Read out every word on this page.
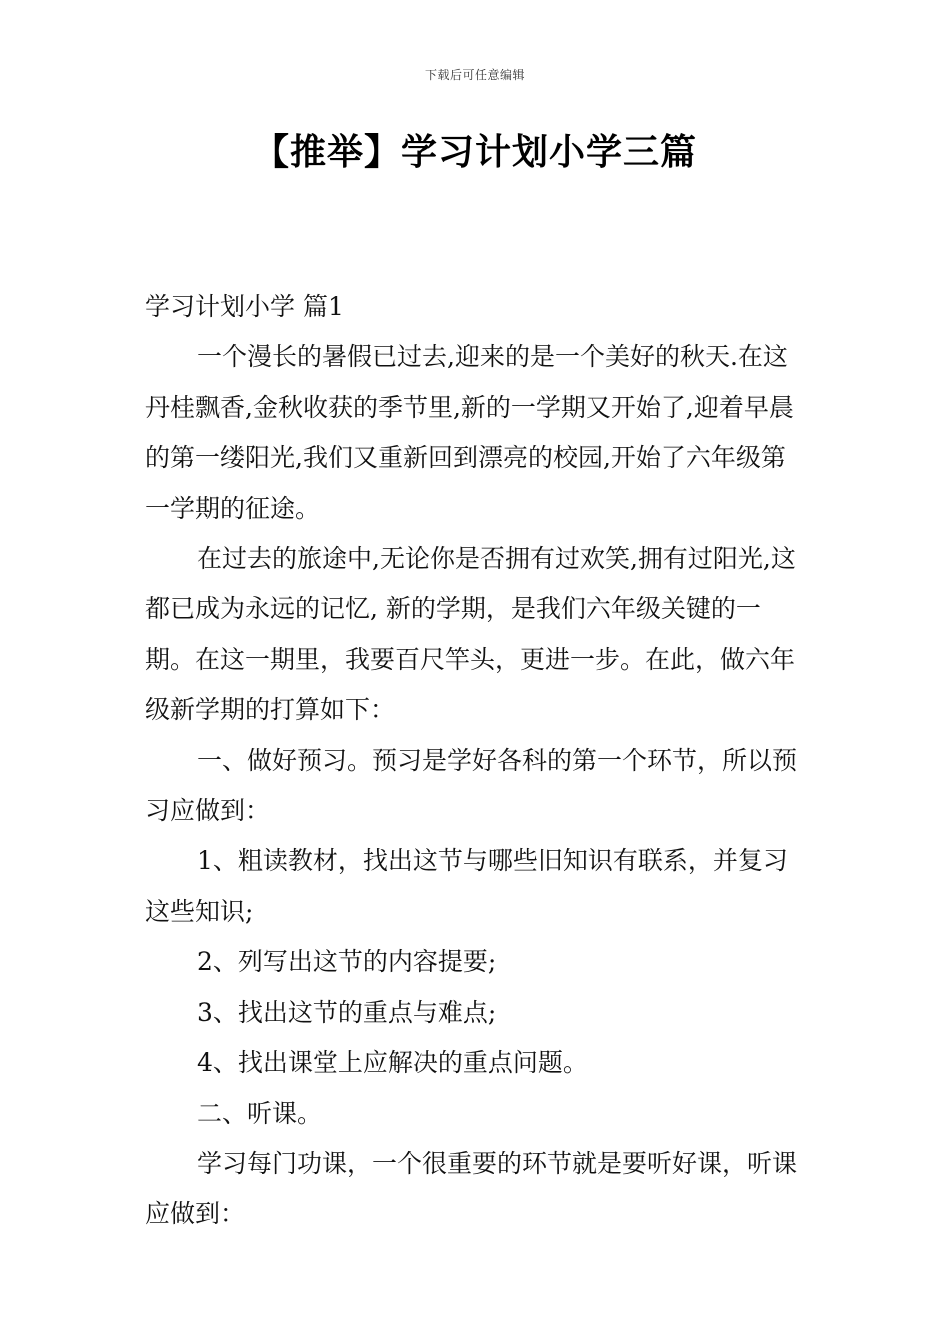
下载后可任意编辑
【推举】学习计划小学三篇

学习计划小学 篇1

一个漫长的暑假已过去,迎来的是一个美好的秋天.在这丹桂飘香,金秋收获的季节里,新的一学期又开始了,迎着早晨的第一缕阳光,我们又重新回到漂亮的校园,开始了六年级第一学期的征途。

在过去的旅途中,无论你是否拥有过欢笑,拥有过阳光,这都已成为永远的记忆, 新的学期，是我们六年级关键的一期。在这一期里，我要百尺竿头，更进一步。在此，做六年级新学期的打算如下：

一、做好预习。预习是学好各科的第一个环节，所以预习应做到：

1、粗读教材，找出这节与哪些旧知识有联系，并复习这些知识;

2、列写出这节的内容提要;

3、找出这节的重点与难点;

4、找出课堂上应解决的重点问题。

二、听课。

学习每门功课，一个很重要的环节就是要听好课，听课应做到：
